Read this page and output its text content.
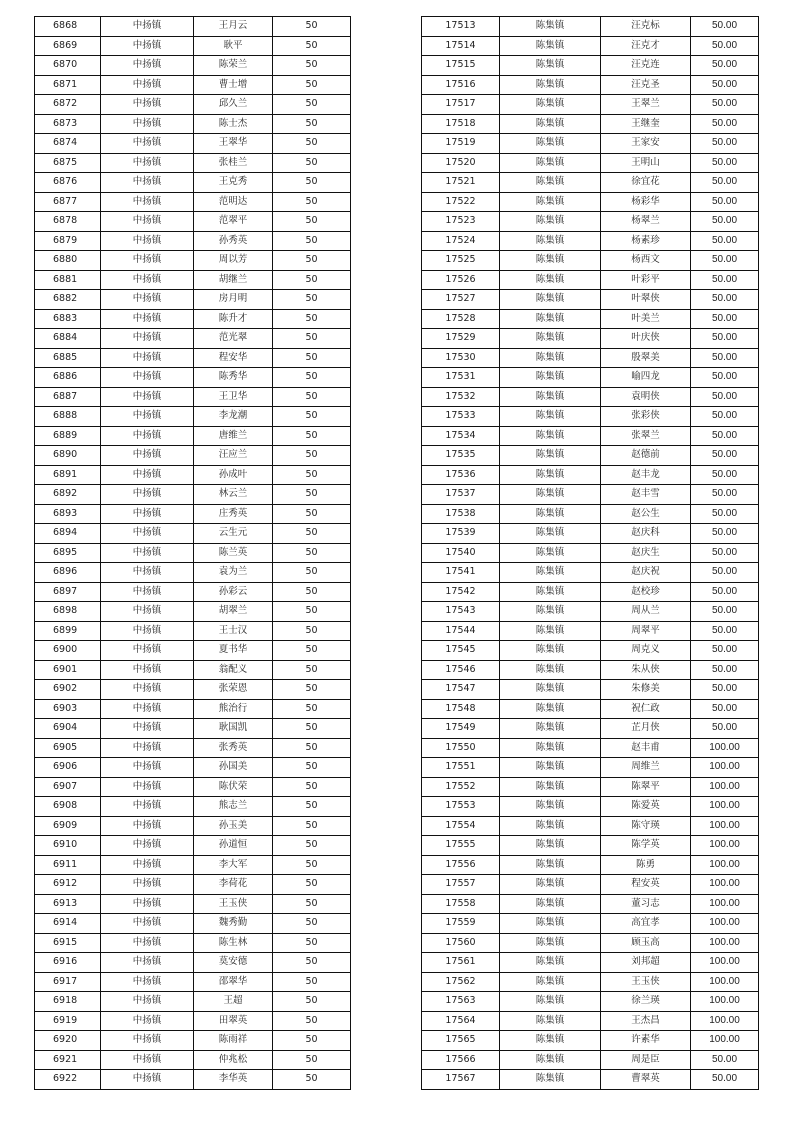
6868	中扬镇	王月云	50
6869	中扬镇	耿平	50
6870	中扬镇	陈荣兰	50
6871	中扬镇	曹士增	50
6872	中扬镇	邱久兰	50
6873	中扬镇	陈士杰	50
6874	中扬镇	王翠华	50
6875	中扬镇	张桂兰	50
6876	中扬镇	王克秀	50
6877	中扬镇	范明达	50
6878	中扬镇	范翠平	50
6879	中扬镇	孙秀英	50
6880	中扬镇	周以芳	50
6881	中扬镇	胡继兰	50
6882	中扬镇	房月明	50
6883	中扬镇	陈升才	50
6884	中扬镇	范光翠	50
6885	中扬镇	程安华	50
6886	中扬镇	陈秀华	50
6887	中扬镇	王卫华	50
6888	中扬镇	李龙潮	50
6889	中扬镇	唐维兰	50
6890	中扬镇	汪应兰	50
6891	中扬镇	孙成叶	50
6892	中扬镇	林云兰	50
6893	中扬镇	庄秀英	50
6894	中扬镇	云生元	50
6895	中扬镇	陈兰英	50
6896	中扬镇	袁为兰	50
6897	中扬镇	孙彩云	50
6898	中扬镇	胡翠兰	50
6899	中扬镇	王士汉	50
6900	中扬镇	夏书华	50
6901	中扬镇	翁配义	50
6902	中扬镇	张荣恩	50
6903	中扬镇	熊治行	50
6904	中扬镇	耿国凯	50
6905	中扬镇	张秀英	50
6906	中扬镇	孙国美	50
6907	中扬镇	陈伏荣	50
6908	中扬镇	熊志兰	50
6909	中扬镇	孙玉美	50
6910	中扬镇	孙道恒	50
6911	中扬镇	李大军	50
6912	中扬镇	李荷花	50
6913	中扬镇	王玉侠	50
6914	中扬镇	魏秀勤	50
6915	中扬镇	陈生林	50
6916	中扬镇	莫安德	50
6917	中扬镇	邵翠华	50
6918	中扬镇	王超	50
6919	中扬镇	田翠英	50
6920	中扬镇	陈雨祥	50
6921	中扬镇	仲兆松	50
6922	中扬镇	李华英	50
17513	陈集镇	汪克标	50.00
17514	陈集镇	汪克才	50.00
17515	陈集镇	汪克连	50.00
17516	陈集镇	汪克圣	50.00
17517	陈集镇	王翠兰	50.00
17518	陈集镇	王继奎	50.00
17519	陈集镇	王家安	50.00
17520	陈集镇	王明山	50.00
17521	陈集镇	徐宜花	50.00
17522	陈集镇	杨彩华	50.00
17523	陈集镇	杨翠兰	50.00
17524	陈集镇	杨素珍	50.00
17525	陈集镇	杨西文	50.00
17526	陈集镇	叶彩平	50.00
17527	陈集镇	叶翠侠	50.00
17528	陈集镇	叶美兰	50.00
17529	陈集镇	叶庆侠	50.00
17530	陈集镇	殷翠美	50.00
17531	陈集镇	喻四龙	50.00
17532	陈集镇	袁明侠	50.00
17533	陈集镇	张彩侠	50.00
17534	陈集镇	张翠兰	50.00
17535	陈集镇	赵德前	50.00
17536	陈集镇	赵丰龙	50.00
17537	陈集镇	赵丰雪	50.00
17538	陈集镇	赵公生	50.00
17539	陈集镇	赵庆科	50.00
17540	陈集镇	赵庆生	50.00
17541	陈集镇	赵庆祝	50.00
17542	陈集镇	赵校珍	50.00
17543	陈集镇	周从兰	50.00
17544	陈集镇	周翠平	50.00
17545	陈集镇	周克义	50.00
17546	陈集镇	朱从侠	50.00
17547	陈集镇	朱修美	50.00
17548	陈集镇	祝仁政	50.00
17549	陈集镇	芷月侠	50.00
17550	陈集镇	赵丰甫	100.00
17551	陈集镇	周维兰	100.00
17552	陈集镇	陈翠平	100.00
17553	陈集镇	陈爱英	100.00
17554	陈集镇	陈守瑛	100.00
17555	陈集镇	陈学英	100.00
17556	陈集镇	陈勇	100.00
17557	陈集镇	程安英	100.00
17558	陈集镇	董习志	100.00
17559	陈集镇	高宜孝	100.00
17560	陈集镇	顾玉高	100.00
17561	陈集镇	刘邦超	100.00
17562	陈集镇	王玉侠	100.00
17563	陈集镇	徐兰瑛	100.00
17564	陈集镇	王杰昌	100.00
17565	陈集镇	许素华	100.00
17566	陈集镇	周是臣	50.00
17567	陈集镇	曹翠英	50.00
